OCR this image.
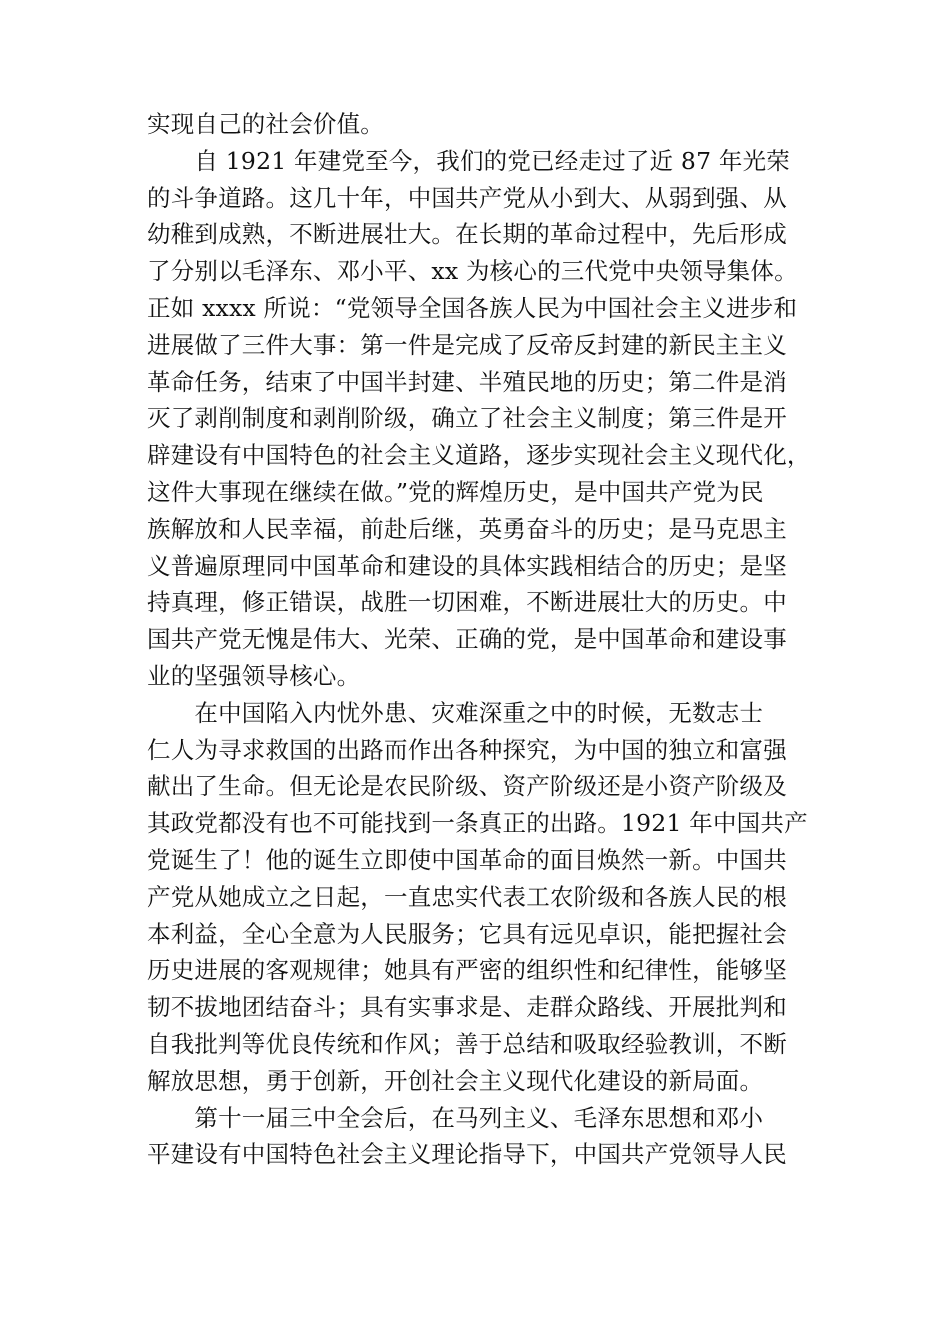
实现自己的社会价值。
　　自 1921 年建党至今，我们的党已经走过了近 87 年光荣
的斗争道路。这几十年，中国共产党从小到大、从弱到强、从
幼稚到成熟，不断进展壮大。在长期的革命过程中，先后形成
了分别以毛泽东、邓小平、xx 为核心的三代党中央领导集体。
正如 xxxx 所说：“党领导全国各族人民为中国社会主义进步和
进展做了三件大事：第一件是完成了反帝反封建的新民主主义
革命任务，结束了中国半封建、半殖民地的历史；第二件是消
灭了剥削制度和剥削阶级，确立了社会主义制度；第三件是开
辟建设有中国特色的社会主义道路，逐步实现社会主义现代化，
这件大事现在继续在做。”党的辉煌历史，是中国共产党为民
族解放和人民幸福，前赴后继，英勇奋斗的历史；是马克思主
义普遍原理同中国革命和建设的具体实践相结合的历史；是坚
持真理，修正错误，战胜一切困难，不断进展壮大的历史。中
国共产党无愧是伟大、光荣、正确的党，是中国革命和建设事
业的坚强领导核心。
　　在中国陷入内忧外患、灾难深重之中的时候，无数志士
仁人为寻求救国的出路而作出各种探究，为中国的独立和富强
献出了生命。但无论是农民阶级、资产阶级还是小资产阶级及
其政党都没有也不可能找到一条真正的出路。1921 年中国共产
党诞生了！他的诞生立即使中国革命的面目焕然一新。中国共
产党从她成立之日起，一直忠实代表工农阶级和各族人民的根
本利益，全心全意为人民服务；它具有远见卓识，能把握社会
历史进展的客观规律；她具有严密的组织性和纪律性，能够坚
韧不拔地团结奋斗；具有实事求是、走群众路线、开展批判和
自我批判等优良传统和作风；善于总结和吸取经验教训，不断
解放思想，勇于创新，开创社会主义现代化建设的新局面。
　　第十一届三中全会后，在马列主义、毛泽东思想和邓小
平建设有中国特色社会主义理论指导下，中国共产党领导人民
